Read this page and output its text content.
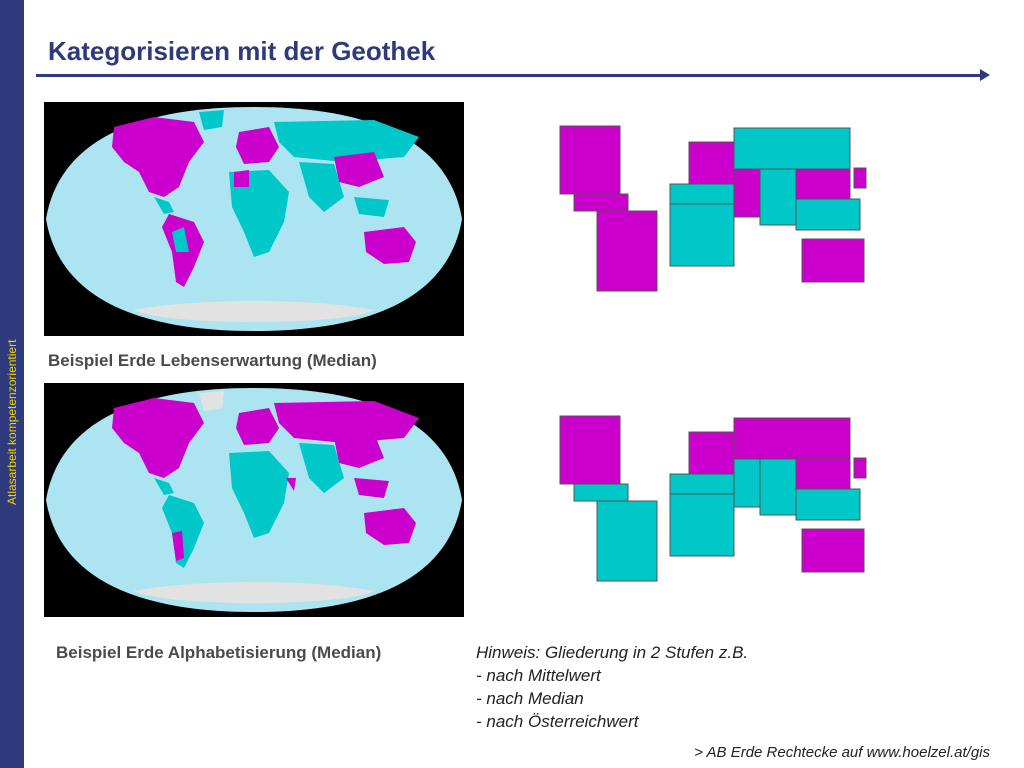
Atlasarbeit kompetenzorientiert
Kategorisieren mit der Geothek
Beispiel Erde Lebenserwartung (Median)
Beispiel Erde Alphabetisierung (Median)	Hinweis: Gliederung in 2 Stufen z.B.
- nach Mittelwert
- nach Median
- nach Österreichwert
> AB Erde Rechtecke auf www.hoelzel.at/gis
